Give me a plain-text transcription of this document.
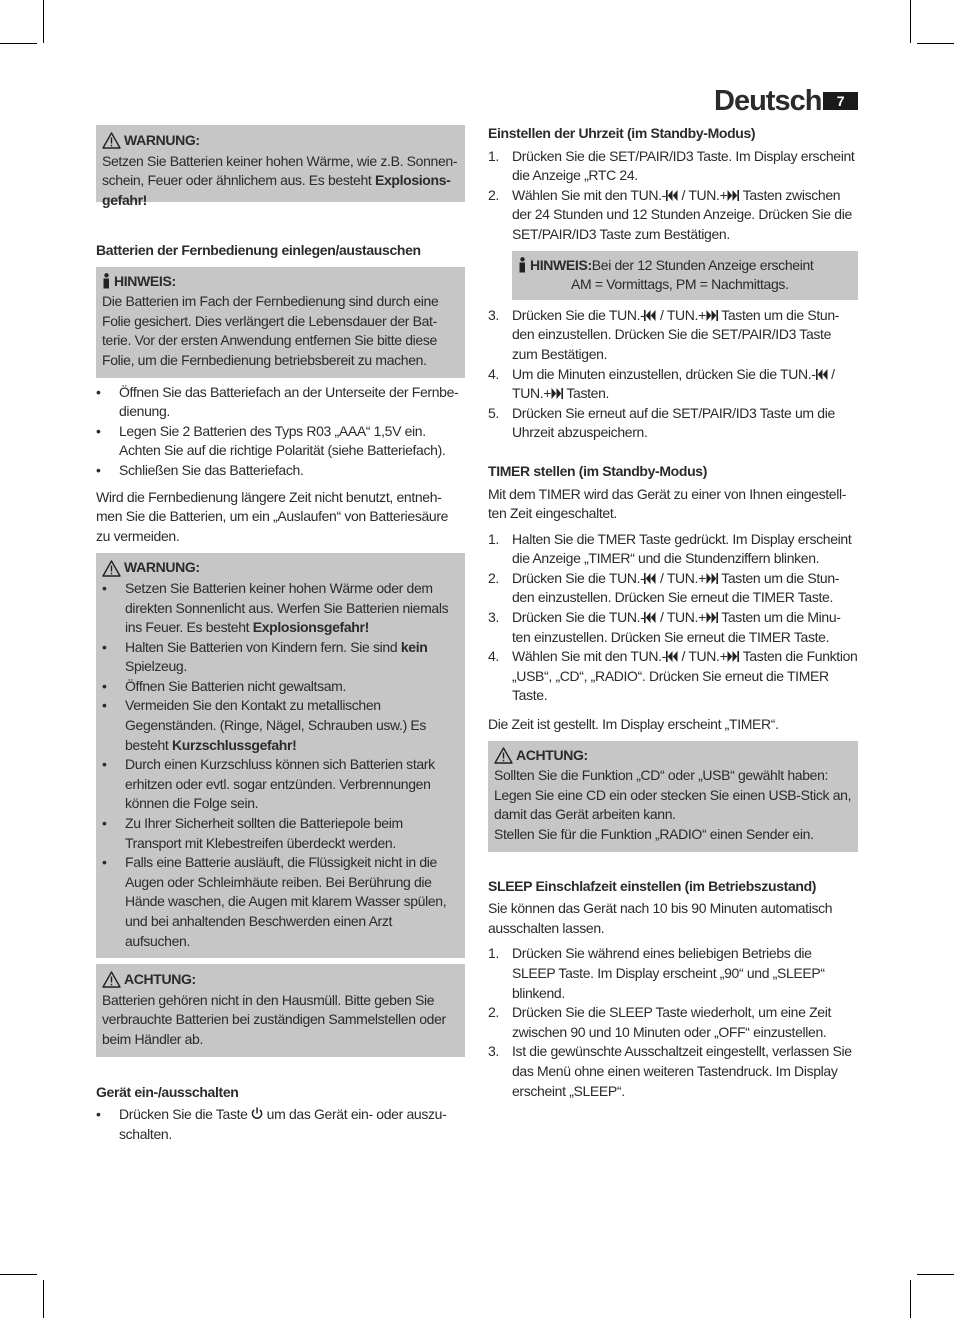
Deutsch	7
WARNUNG:

Setzen Sie Batterien keiner hohen Wärme, wie z.B. Sonnen-schein, Feuer oder ähnlichem aus. Es besteht Explosions-gefahr!

Batterien der Fernbedienung einlegen/austauschen

HINWEIS:

Die Batterien im Fach der Fernbedienung sind durch eine Folie gesichert. Dies verlängert die Lebensdauer der Bat-terie. Vor der ersten Anwendung entfernen Sie bitte diese Folie, um die Fernbedienung betriebsbereit zu machen.

• Öffnen Sie das Batteriefach an der Unterseite der Fernbe-dienung.
• Legen Sie 2 Batterien des Typs R03 „AAA“ 1,5V ein. Achten Sie auf die richtige Polarität (siehe Batteriefach).
• Schließen Sie das Batteriefach.

Wird die Fernbedienung längere Zeit nicht benutzt, entneh-men Sie die Batterien, um ein „Auslaufen“ von Batteriesäure zu vermeiden.

WARNUNG:
• Setzen Sie Batterien keiner hohen Wärme oder dem direkten Sonnenlicht aus. Werfen Sie Batterien niemals ins Feuer. Es besteht Explosionsgefahr!
• Halten Sie Batterien von Kindern fern. Sie sind kein Spielzeug.
• Öffnen Sie Batterien nicht gewaltsam.
• Vermeiden Sie den Kontakt zu metallischen Gegenständen. (Ringe, Nägel, Schrauben usw.) Es besteht Kurzschlussgefahr!
• Durch einen Kurzschluss können sich Batterien stark erhitzen oder evtl. sogar entzünden. Verbrennungen können die Folge sein.
• Zu Ihrer Sicherheit sollten die Batteriepole beim Transport mit Klebestreifen überdeckt werden.
• Falls eine Batterie ausläuft, die Flüssigkeit nicht in die Augen oder Schleimhäute reiben. Bei Berührung die Hände waschen, die Augen mit klarem Wasser spülen, und bei anhaltenden Beschwerden einen Arzt aufsuchen.
ACHTUNG:

Batterien gehören nicht in den Hausmüll. Bitte geben Sie verbrauchte Batterien bei zuständigen Sammelstellen oder beim Händler ab.

Gerät ein-/ausschalten

• Drücken Sie die Taste  um das Gerät ein- oder auszu-schalten.

Einstellen der Uhrzeit (im Standby-Modus)

1. Drücken Sie die SET/PAIR/ID3 Taste. Im Display erscheint die Anzeige „RTC 24.
2. Wählen Sie mit den TUN.- / TUN.+ Tasten zwischen der 24 Stunden und 12 Stunden Anzeige. Drücken Sie die SET/PAIR/ID3 Taste zum Bestätigen.
HINWEIS: Bei der 12 Stunden Anzeige erscheint
AM = Vormittags, PM = Nachmittags.
3. Drücken Sie die TUN.- / TUN.+ Tasten um die Stun-den einzustellen. Drücken Sie die SET/PAIR/ID3 Taste zum Bestätigen.
4. Um die Minuten einzustellen, drücken Sie die TUN.- / TUN.+ Tasten.
5. Drücken Sie erneut auf die SET/PAIR/ID3 Taste um die Uhrzeit abzuspeichern.

TIMER stellen (im Standby-Modus)

Mit dem TIMER wird das Gerät zu einer von Ihnen eingestell-ten Zeit eingeschaltet.

1. Halten Sie die TMER Taste gedrückt. Im Display erscheint die Anzeige „TIMER“ und die Stundenziffern blinken.
2. Drücken Sie die TUN.- / TUN.+ Tasten um die Stun-den einzustellen. Drücken Sie erneut die TIMER Taste.
3. Drücken Sie die TUN.- / TUN.+ Tasten um die Minu-ten einzustellen. Drücken Sie erneut die TIMER Taste.
4. Wählen Sie mit den TUN.- / TUN.+ Tasten die Funktion „USB“, „CD“, „RADIO“. Drücken Sie erneut die TIMER Taste.

Die Zeit ist gestellt. Im Display erscheint „TIMER“.

ACHTUNG:

Sollten Sie die Funktion „CD“ oder „USB“ gewählt haben: Legen Sie eine CD ein oder stecken Sie einen USB-Stick an, damit das Gerät arbeiten kann.

Stellen Sie für die Funktion „RADIO“ einen Sender ein.

SLEEP Einschlafzeit einstellen (im Betriebszustand)

Sie können das Gerät nach 10 bis 90 Minuten automatisch ausschalten lassen.

1. Drücken Sie während eines beliebigen Betriebs die SLEEP Taste. Im Display erscheint „90“ und „SLEEP“ blinkend.
2. Drücken Sie die SLEEP Taste wiederholt, um eine Zeit zwischen 90 und 10 Minuten oder „OFF“ einzustellen.
3. Ist die gewünschte Ausschaltzeit eingestellt, verlassen Sie das Menü ohne einen weiteren Tastendruck. Im Display erscheint „SLEEP“.
